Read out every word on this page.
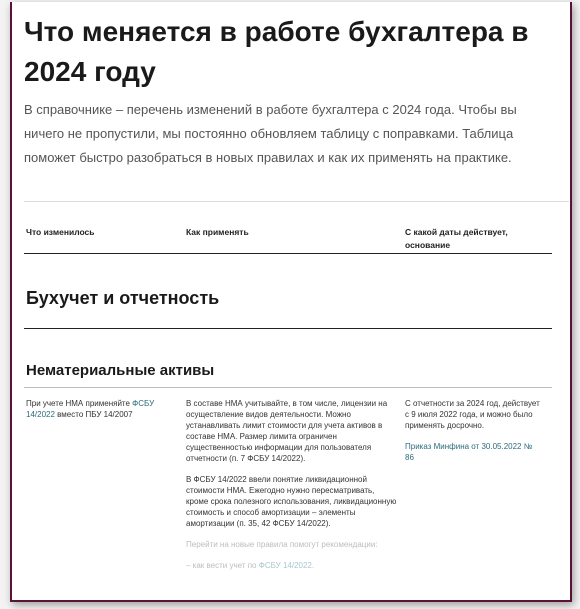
Что меняется в работе бухгалтера в 2024 году

В справочнике – перечень изменений в работе бухгалтера с 2024 года. Чтобы вы ничего не пропустили, мы постоянно обновляем таблицу с поправками. Таблица поможет быстро разобраться в новых правилах и как их применять на практике.

Что изменилось	Как применять	С какой даты действует, основание
Бухучет и отчетность
Нематериальные активы
При учете НМА применяйте ФСБУ 14/2022 вместо ПБУ 14/2007

В составе НМА учитывайте, в том числе, лицензии на осуществление видов деятельности. Можно устанавливать лимит стоимости для учета активов в составе НМА. Размер лимита ограничен существенностью информации для пользователя отчетности (п. 7 ФСБУ 14/2022).

В ФСБУ 14/2022 ввели понятие ликвидационной стоимости НМА. Ежегодно нужно пересматривать, кроме срока полезного использования, ликвидационную стоимость и способ амортизации – элементы амортизации (п. 35, 42 ФСБУ 14/2022).

Перейти на новые правила помогут рекомендации:

– как вести учет по ФСБУ 14/2022.

С отчетности за 2024 год, действует с 9 июля 2022 года, и можно было применять досрочно.

Приказ Минфина от 30.05.2022 № 86
